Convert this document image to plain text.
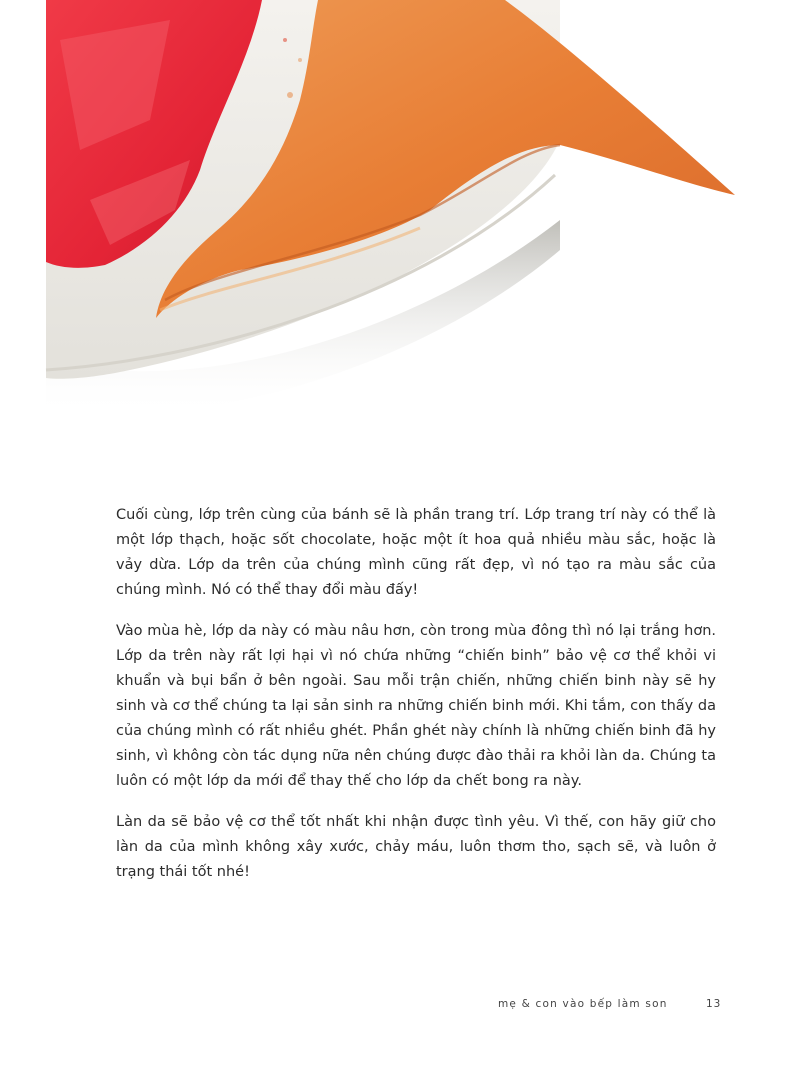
Cuối cùng, lớp trên cùng của bánh sẽ là phần trang trí. Lớp trang trí này có thể là một lớp thạch, hoặc sốt chocolate, hoặc một ít hoa quả nhiều màu sắc, hoặc là vảy dừa. Lớp da trên của chúng mình cũng rất đẹp, vì nó tạo ra màu sắc của chúng mình. Nó có thể thay đổi màu đấy!

Vào mùa hè, lớp da này có màu nâu hơn, còn trong mùa đông thì nó lại trắng hơn. Lớp da trên này rất lợi hại vì nó chứa những “chiến binh” bảo vệ cơ thể khỏi vi khuẩn và bụi bẩn ở bên ngoài. Sau mỗi trận chiến, những chiến binh này sẽ hy sinh và cơ thể chúng ta lại sản sinh ra những chiến binh mới. Khi tắm, con thấy da của chúng mình có rất nhiều ghét. Phần ghét này chính là những chiến binh đã hy sinh, vì không còn tác dụng nữa nên chúng được đào thải ra khỏi làn da. Chúng ta luôn có một lớp da mới để thay thế cho lớp da chết bong ra này.

Làn da sẽ bảo vệ cơ thể tốt nhất khi nhận được tình yêu. Vì thế, con hãy giữ cho làn da của mình không xây xước, chảy máu, luôn thơm tho, sạch sẽ, và luôn ở trạng thái tốt nhé!

mẹ & con vào bếp làm son	13
